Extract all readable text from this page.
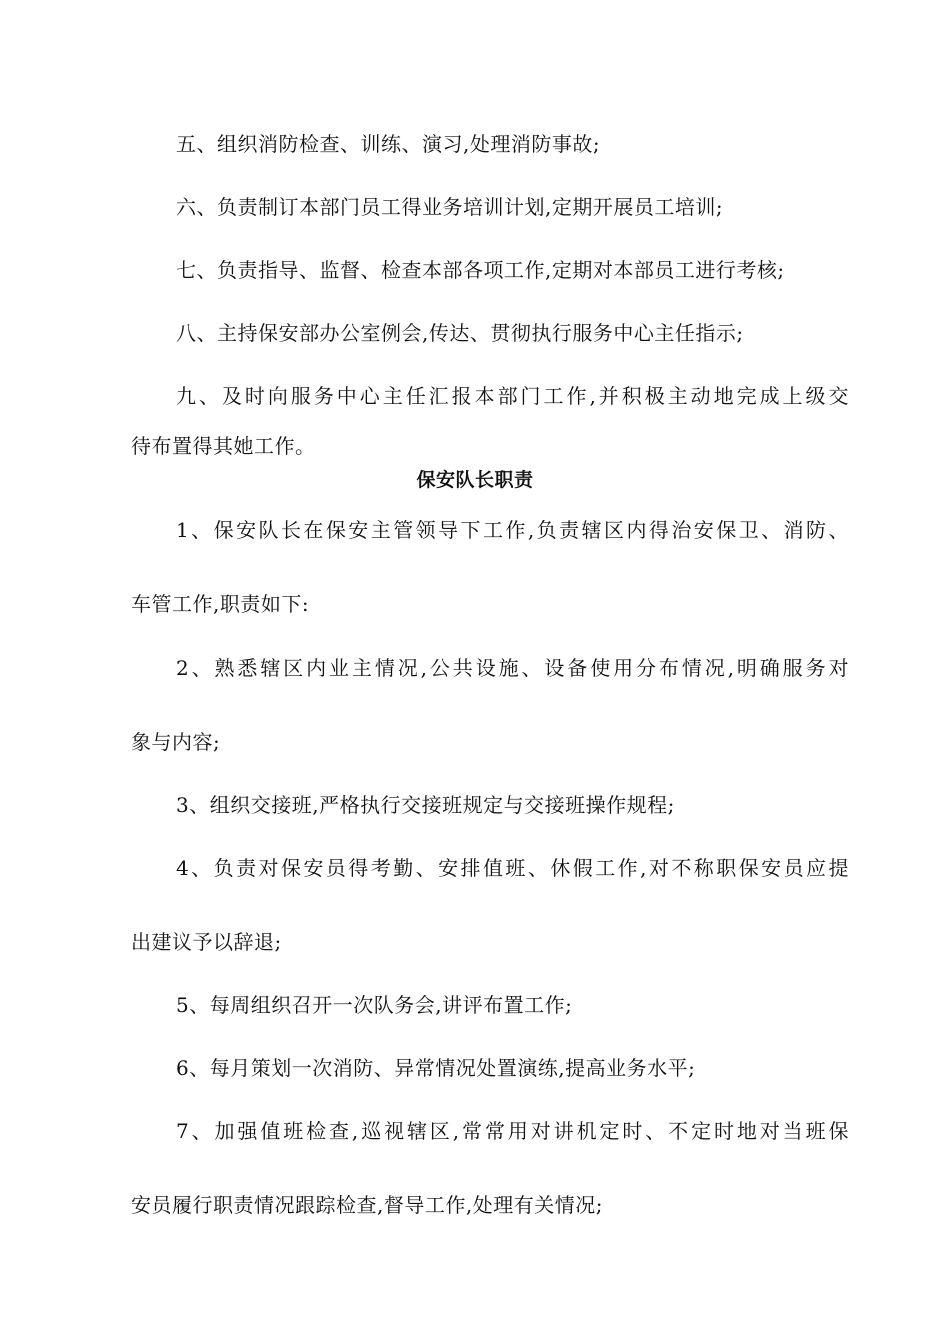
五、组织消防检查、训练、演习,处理消防事故;
六、负责制订本部门员工得业务培训计划,定期开展员工培训;
七、负责指导、监督、检查本部各项工作,定期对本部员工进行考核;
八、主持保安部办公室例会,传达、贯彻执行服务中心主任指示;
九、及时向服务中心主任汇报本部门工作,并积极主动地完成上级交
待布置得其她工作。
保安队长职责
1、保安队长在保安主管领导下工作,负责辖区内得治安保卫、消防、
车管工作,职责如下:
2、熟悉辖区内业主情况,公共设施、设备使用分布情况,明确服务对
象与内容;
3、组织交接班,严格执行交接班规定与交接班操作规程;
4、负责对保安员得考勤、安排值班、休假工作,对不称职保安员应提
出建议予以辞退;
5、每周组织召开一次队务会,讲评布置工作;
6、每月策划一次消防、异常情况处置演练,提高业务水平;
7、加强值班检查,巡视辖区,常常用对讲机定时、不定时地对当班保
安员履行职责情况跟踪检查,督导工作,处理有关情况;
